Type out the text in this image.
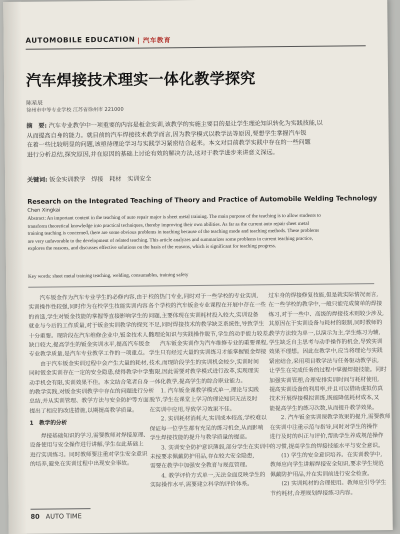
AUTOMOBILE EDUCATION | 汽车教育
汽车焊接技术理实一体化教学探究
陈星辰
徐州市中等专业学校 江苏省徐州市 221000
摘　要: 汽车专业教学中一项重要的内容是板金实训,该教学的实施主要目的是让学生理论知识转化为实践技能,以
从而提高自身的能力。就目前的汽车焊接技术教学而言,因为教学模式以教学法等原因,要想学生掌握汽车钣
在着一些比较明显的问题,该亟待理论学习与实践学习紧密结合起来。本文对目前教学实践中存在的一些问题
进行分析总结,探究原因,并在原因的基础上讨论有效的解决方法,这对于教学进步来讲意义深远。
关键词: 钣金实训教学　焊接　耗材　实训安全
Research on the Integrated Teaching of Theory and Practice of Automobile Welding Technology
Chen Xingkai
Abstract: An important content in the teaching of auto repair major is sheet metal training. The main purpose of the teaching is to allow students to
transform theoretical knowledge into practical techniques, thereby improving their own abilities. As far as the current auto repair sheet metal
training teaching is concerned, there are some obvious problems in teaching because of the teaching mode and teaching methods. These problems
are very unfavorable to the development of related teaching. This article analyzes and summarizes some problems in current teaching practice,
explores the reasons, and discusses effective solutions on the basis of the reasons, which is significant for teaching progress.
Key words: sheet metal training teaching, welding, consumables, training safety
　　汽车钣金作为汽车专业学生的必修内容,由于
实训操作性较强,同时作为在校学生技能实训内容
的首选,学生对钣金技能的掌握等直接影响学生的
就业与今后的工作质量,对于钣金实训教学的探究
十分重要。现阶段在汽车维修企业中,钣金技术人员
缺口较大,提高学生的钣金实训水平,提高汽车钣金
专业教学质量,是汽车专业教学工作的一项重点。
　　由于汽车钣金实训过程中会产生大量的耗材,
同时钣金实训存在一定的安全隐患,使得教学中学生
动手机会有限,实训效果不佳。本文结合笔者自身
的教学实践,对钣金实训教学中存在的问题进行分析
总结,并从实训管理、教学方法与安全防护等方面
提出了相应的改进措施,以期提高教学质量。
1　教学的分析
　　焊接基础知识的学习,需要教师对焊接原理、
设备使用与安全操作进行讲解,学生在此基础上
进行实训练习。同时教师要注重对学生安全意识
的培养,避免在实训过程中出现安全事故。
校的热门专业,同时对于一些学校的专业实训,
各个学校的汽车钣金专业课程在开展中存在一些
问题,主要体现在实训耗材投入较大,实训设备
不足,同时焊接技术的教学缺乏系统性,导致学生
的理论知识与实践操作脱节,学生的动手能力较差。
　　汽车钣金实训作为汽车维修专业的重要课程,
学生只有经过大量的实训练习才能掌握钣金焊接
技术,而现阶段学生的实训机会较少,实训时间
有限,因此需要对教学模式进行改革,实现理实
一体化教学,提高学生的综合职业能力。
　　1. 汽车钣金课教学模式单一,理论与实践
脱节,学生在课堂上学习的理论知识无法及时
在实训中应用,导致学习效果不佳。
　　2. 实训耗材消耗大,实训成本较高,学校难以
保证每一位学生都有充足的练习机会,从而影响
学生焊接技能的提升与教学质量的提高。
　　3. 实训安全防护意识薄弱,部分学生在实训中
未按要求佩戴防护用品,存在较大安全隐患,
需要在教学中加强安全教育与规范管理。
　　4. 教学评价方式单一,无法全面反映学生的
实际操作水平,需要建立科学的评价体系。
过车身的焊接修复技能,但是就实际情况而言,
在一些学校的教学中,一般只能完成简单的焊接
练习,对于一些中、高级的焊接技术则较少涉及,
其原因在于实训设备与耗材的限制,同时教师的
教学方法较为单一,以演示为主,学生练习为辅,
学生缺乏自主思考与动手操作的机会,导致实训
效果不理想。因此在教学中,应当将理论与实践
紧密结合,采用项目教学法与任务驱动教学法,
让学生在完成任务的过程中掌握焊接技能。同时
加强实训管理,合理安排实训时间与耗材使用,
提高实训设备的利用率,并且可以借助虚拟仿真
技术开展焊接模拟训练,既能降低耗材成本,又
能提高学生的练习次数,从而提升教学效果。
　　2. 汽车钣金实训课教学效果的提升,需要教师
在实训中注重示范与指导,同时对学生的操作
进行及时的纠正与评价,帮助学生养成规范操作
的习惯,提高学生的焊接技能水平与安全意识。
　　(1) 学生的安全意识培养。在实训教学中,
教师应向学生讲解焊接安全知识,要求学生规范
佩戴防护用品,并在实训前进行安全检查。
　　(2) 实训耗材的合理使用。教师应引导学生
节约耗材,合理规划焊接练习内容。
80 AUTO TIME
